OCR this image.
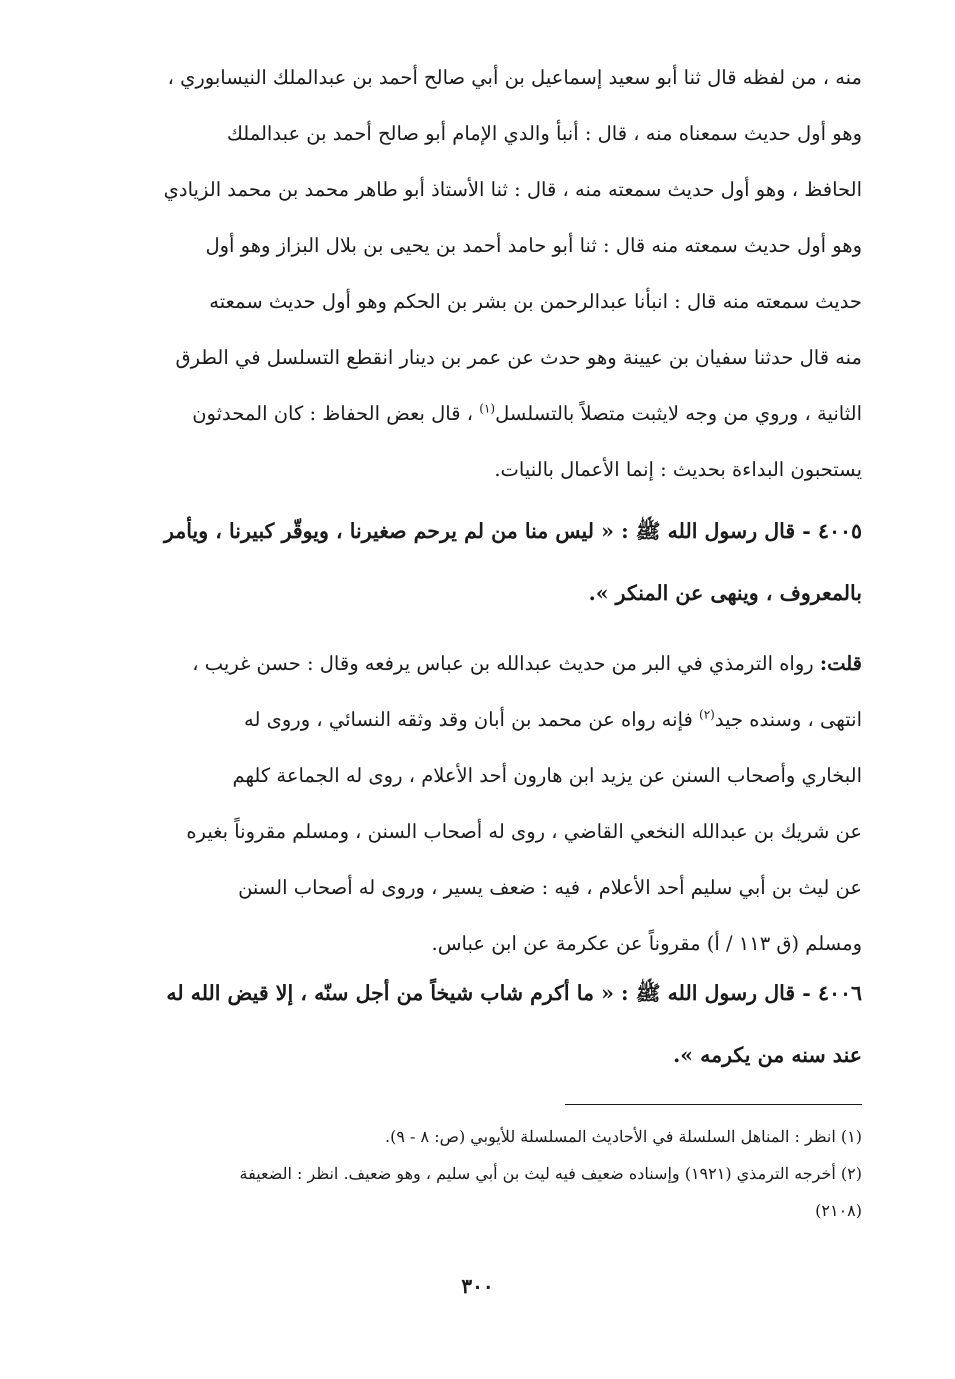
منه ، من لفظه قال ثنا أبو سعيد إسماعيل بن أبي صالح أحمد بن عبدالملك النيسابوري ،
وهو أول حديث سمعناه منه ، قال : أنبأ والدي الإمام أبو صالح أحمد بن عبدالملك
الحافظ ، وهو أول حديث سمعته منه ، قال : ثنا الأستاذ أبو طاهر محمد بن محمد الزيادي
وهو أول حديث سمعته منه قال : ثنا أبو حامد أحمد بن يحيى بن بلال البزاز وهو أول
حديث سمعته منه قال : انبأنا عبدالرحمن بن بشر بن الحكم وهو أول حديث سمعته
منه قال حدثنا سفيان بن عيينة وهو حدث عن عمر بن دينار انقطع التسلسل في الطرق
الثانية ، وروي من وجه لايثبت متصلاً بالتسلسل$^{(١)}$ ، قال بعض الحفاظ : كان المحدثون
يستحبون البداءة بحديث : إنما الأعمال بالنيات.
٤٠٠٥ - قال رسول الله ﷺ : « ليس منا من لم يرحم صغيرنا ، ويوقّر كبيرنا ، ويأمر
بالمعروف ، وينهى عن المنكر ».
قلت: رواه الترمذي في البر من حديث عبدالله بن عباس يرفعه وقال : حسن غريب ،
انتهى ، وسنده جيد$^{(٢)}$ فإنه رواه عن محمد بن أبان وقد وثقه النسائي ، وروى له
البخاري وأصحاب السنن عن يزيد ابن هارون أحد الأعلام ، روى له الجماعة كلهم
عن شريك بن عبدالله النخعي القاضي ، روى له أصحاب السنن ، ومسلم مقروناً بغيره
عن ليث بن أبي سليم أحد الأعلام ، فيه : ضعف يسير ، وروى له أصحاب السنن
ومسلم (ق ١١٣ / أ) مقروناً عن عكرمة عن ابن عباس.
٤٠٠٦ - قال رسول الله ﷺ : « ما أكرم شاب شيخاً من أجل سنّه ، إلا قيض الله له
عند سنه من يكرمه ».
(١) انظر : المناهل السلسلة في الأحاديث المسلسلة للأيوبي (ص: ٨ - ٩).
(٢) أخرجه الترمذي (١٩٢١) وإسناده ضعيف فيه ليث بن أبي سليم ، وهو ضعيف. انظر : الضعيفة
(٢١٠٨)
٣٠٠
